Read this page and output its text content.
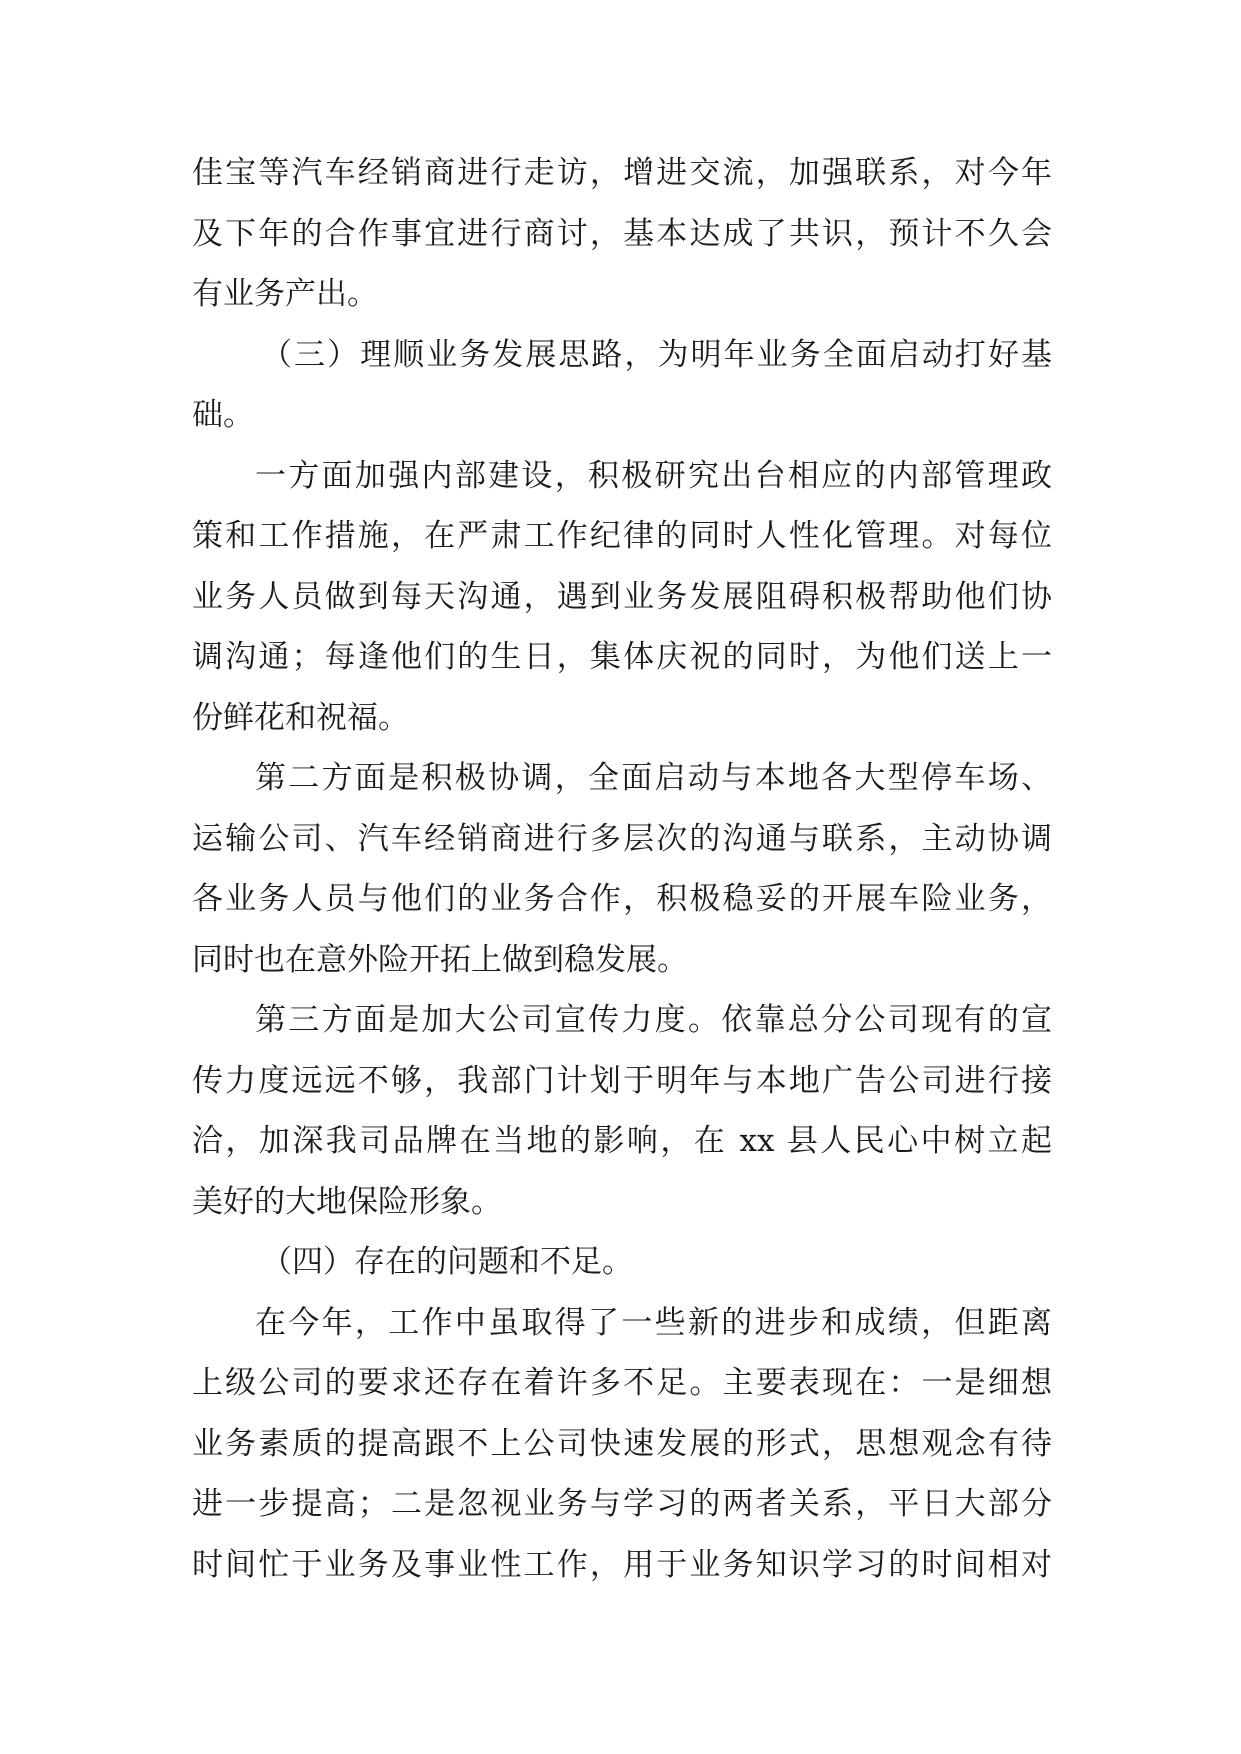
佳宝等汽车经销商进行走访，增进交流，加强联系，对今年
及下年的合作事宜进行商讨，基本达成了共识，预计不久会
有业务产出。
（三）理顺业务发展思路，为明年业务全面启动打好基
础。
一方面加强内部建设，积极研究出台相应的内部管理政
策和工作措施，在严肃工作纪律的同时人性化管理。对每位
业务人员做到每天沟通，遇到业务发展阻碍积极帮助他们协
调沟通；每逢他们的生日，集体庆祝的同时，为他们送上一
份鲜花和祝福。
第二方面是积极协调，全面启动与本地各大型停车场、
运输公司、汽车经销商进行多层次的沟通与联系，主动协调
各业务人员与他们的业务合作，积极稳妥的开展车险业务，
同时也在意外险开拓上做到稳发展。
第三方面是加大公司宣传力度。依靠总分公司现有的宣
传力度远远不够，我部门计划于明年与本地广告公司进行接
洽，加深我司品牌在当地的影响，在 xx 县人民心中树立起
美好的大地保险形象。
（四）存在的问题和不足。
在今年，工作中虽取得了一些新的进步和成绩，但距离
上级公司的要求还存在着许多不足。主要表现在：一是细想
业务素质的提高跟不上公司快速发展的形式，思想观念有待
进一步提高；二是忽视业务与学习的两者关系，平日大部分
时间忙于业务及事业性工作，用于业务知识学习的时间相对
